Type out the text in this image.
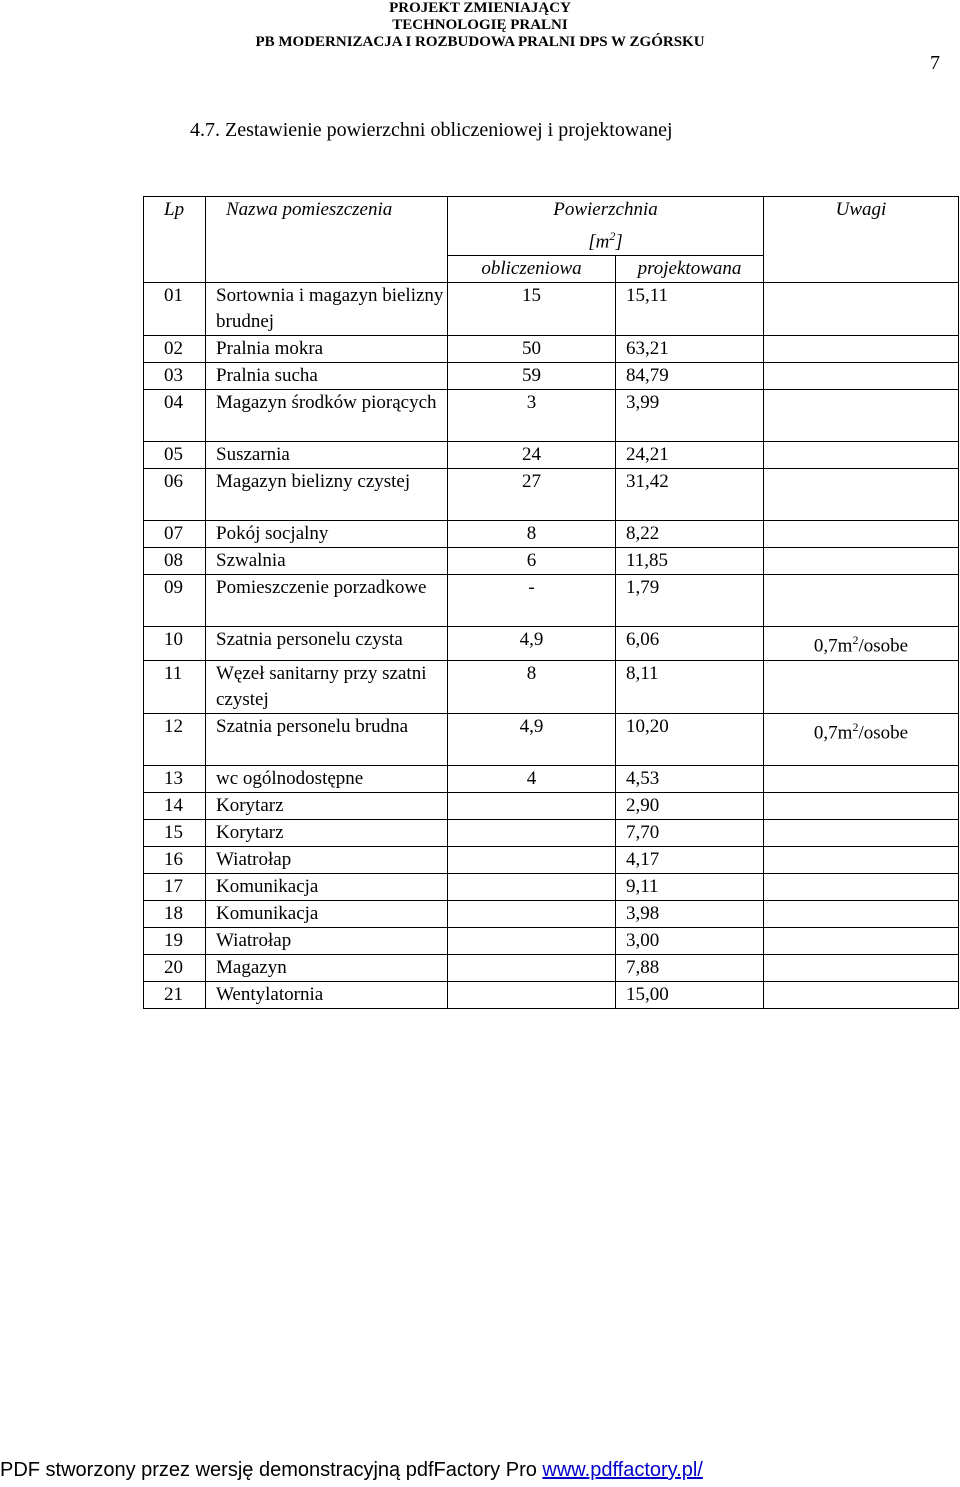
PROJEKT ZMIENIAJĄCY
TECHNOLOGIĘ PRALNI
PB MODERNIZACJA I ROZBUDOWA PRALNI DPS W ZGÓRSKU
7
4.7. Zestawienie powierzchni obliczeniowej i projektowanej
Lp	Nazwa pomieszczenia	Powierzchnia
$[m^2]$		Uwagi
		obliczeniowa	projektowana	
01	Sortownia i magazyn bielizny brudnej	15	15,11	
02	Pralnia mokra	50	63,21	
03	Pralnia sucha	59	84,79	
04	Magazyn środków piorących	3	3,99	
05	Suszarnia	24	24,21	
06	Magazyn bielizny czystej	27	31,42	
07	Pokój socjalny	8	8,22	
08	Szwalnia	6	11,85	
09	Pomieszczenie porzadkowe	-	1,79	
10	Szatnia personelu czysta	4,9	6,06	$0,7m^2$/osobe
11	Węzeł sanitarny przy szatni czystej	8	8,11	
12	Szatnia personelu brudna	4,9	10,20	$0,7m^2$/osobe
13	wc ogólnodostępne	4	4,53	
14	Korytarz		2,90	
15	Korytarz		7,70	
16	Wiatrołap		4,17	
17	Komunikacja		9,11	
18	Komunikacja		3,98	
19	Wiatrołap		3,00	
20	Magazyn		7,88	
21	Wentylatornia		15,00	
PDF stworzony przez wersję demonstracyjną pdfFactory Pro www.pdffactory.pl/
